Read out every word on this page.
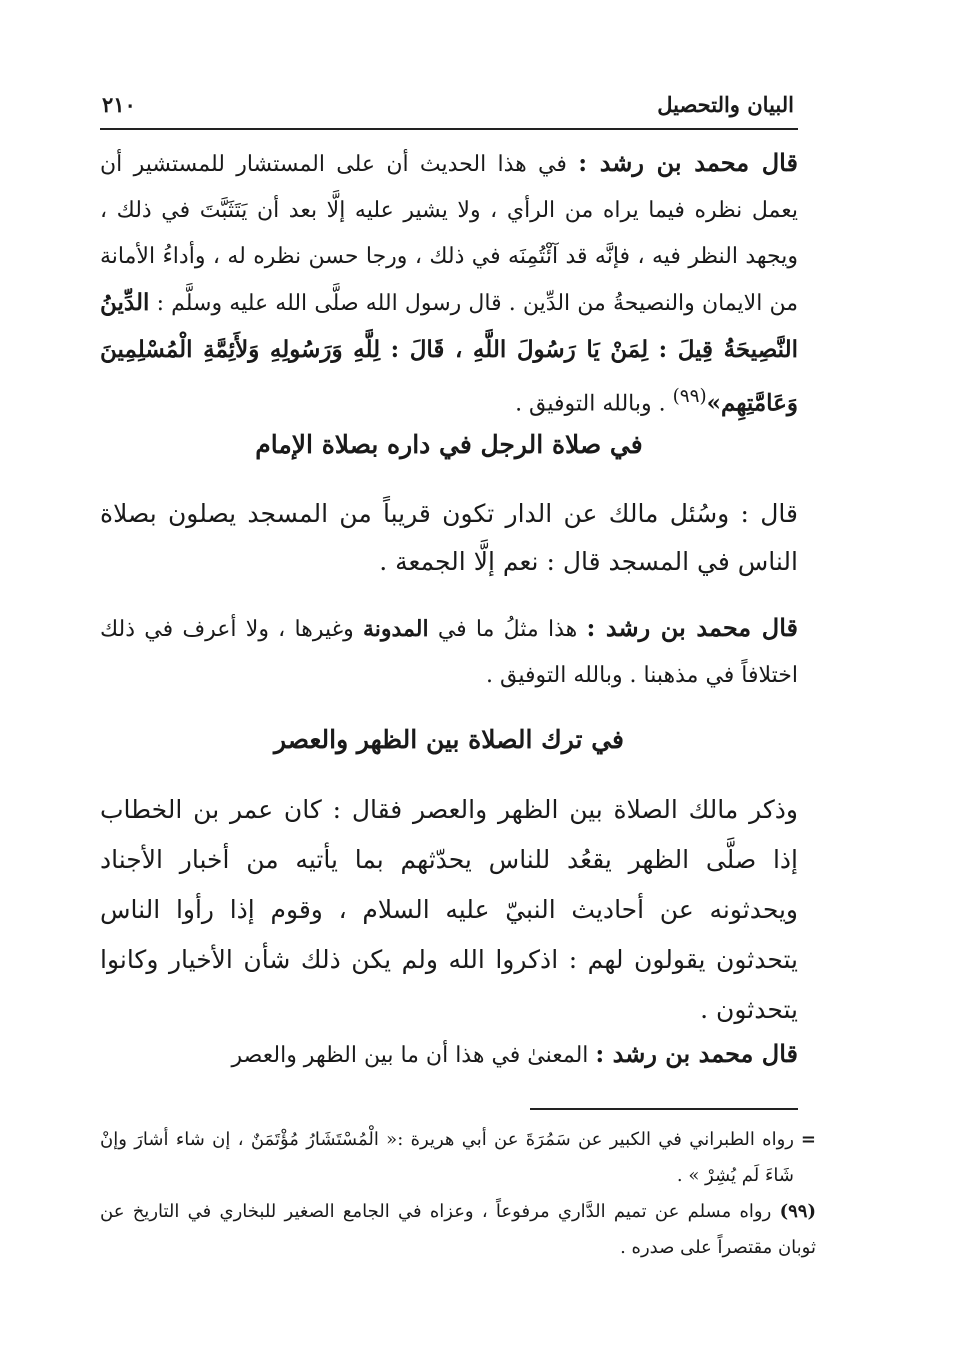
البيان والتحصيل
٢١٠
قال محمد بن رشد : في هذا الحديث أن على المستشار للمستشير أن يعمل نظره فيما يراه من الرأي ، ولا يشير عليه إلَّا بعد أن يَتَثَبَّتَ في ذلك ، ويجهد النظر فيه ، فإنَّه قد آئْتُمِنَه في ذلك ، ورجا حسن نظره له ، وأداءُ الأمانة من الايمان والنصيحةُ من الدِّين . قال رسول الله صلَّى الله عليه وسلَّم : الدِّينُ النَّصِيحَةُ قِيلَ : لِمَنْ يَا رَسُولَ اللَّهِ ، قَالَ : لِلَّهِ وَرَسُولِهِ وَلأَئِمَّةِ الْمُسْلِمِينَ وَعَامَّتِهِم»$^{(٩٩)}$ . وبالله التوفيق .
في صلاة الرجل في داره بصلاة الإمام
قال : وسُئل مالك عن الدار تكون قريباً من المسجد يصلون بصلاة الناس في المسجد قال : نعم إلَّا الجمعة .
قال محمد بن رشد : هذا مثلُ ما في المدونة وغيرها ، ولا أعرف في ذلك اختلافاً في مذهبنا . وبالله التوفيق .
في ترك الصلاة بين الظهر والعصر
وذكر مالك الصلاة بين الظهر والعصر فقال : كان عمر بن الخطاب إذا صلَّى الظهر يقعُد للناس يحدّثهم بما يأتيه من أخبار الأجناد ويحدثونه عن أحاديث النبيّ عليه السلام ، وقوم إذا رأوا الناس يتحدثون يقولون لهم : اذكروا الله ولم يكن ذلك شأن الأخيار وكانوا يتحدثون .
قال محمد بن رشد : المعنىٰ في هذا أن ما بين الظهر والعصر
=
رواه الطبراني في الكبير عن سَمُرَةَ عن أبي هريرة :« الْمُسْتَشَارُ مُؤْتَمَنٌ ، إن شاء أشارَ وإنْ شَاءَ لَم يُشِرْ » .
(٩٩) رواه مسلم عن تميم الدَّاري مرفوعاً ، وعزاه في الجامع الصغير للبخاري في التاريخ عن ثوبان مقتصراً على صدره .
